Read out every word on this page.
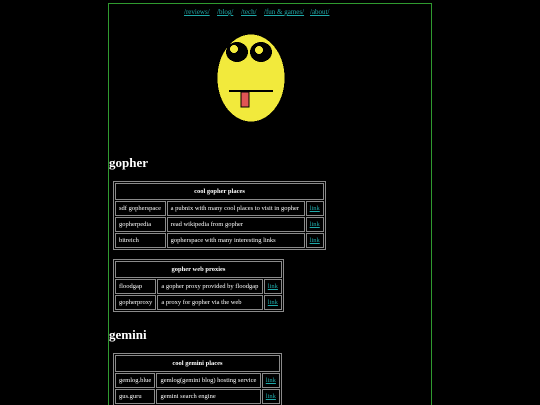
/reviews/ /blog/ /tech/ /fun & games/ /about/
gopher
cool gopher places		
sdf gopherspace	a pubnix with many cool places to visit in gopher	link
gopherpedia	read wikipedia from gopher	link
bitreich	gopherspace with many interesting links	link
gopher web proxies		
floodgap	a gopher proxy provided by floodgap	link
gopherproxy	a proxy for gopher via the web	link
gemini
cool gemini places		
gemlog.blue	gemlog(gemini blog) hosting service	link
gus.guru	gemini search engine	link
